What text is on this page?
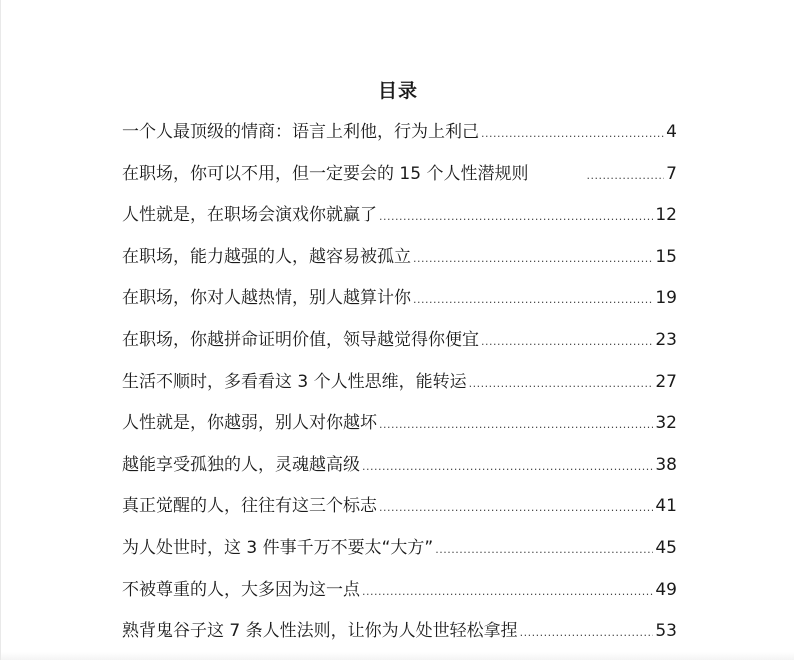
目录
一个人最顶级的情商：语言上利他，行为上利己 .....	4
在职场，你可以不用，但一定要会的 15 个人性潜规则 .....	7
人性就是，在职场会演戏你就赢了 .....	12
在职场，能力越强的人，越容易被孤立 .....	15
在职场，你对人越热情，别人越算计你 .....	19
在职场，你越拼命证明价值，领导越觉得你便宜 .....	23
生活不顺时，多看看这 3 个人性思维，能转运 .....	27
人性就是，你越弱，别人对你越坏 .....	32
越能享受孤独的人，灵魂越高级 .....	38
真正觉醒的人，往往有这三个标志 .....	41
为人处世时，这 3 件事千万不要太“大方” .....	45
不被尊重的人，大多因为这一点 .....	49
熟背鬼谷子这 7 条人性法则，让你为人处世轻松拿捏 .....	53
